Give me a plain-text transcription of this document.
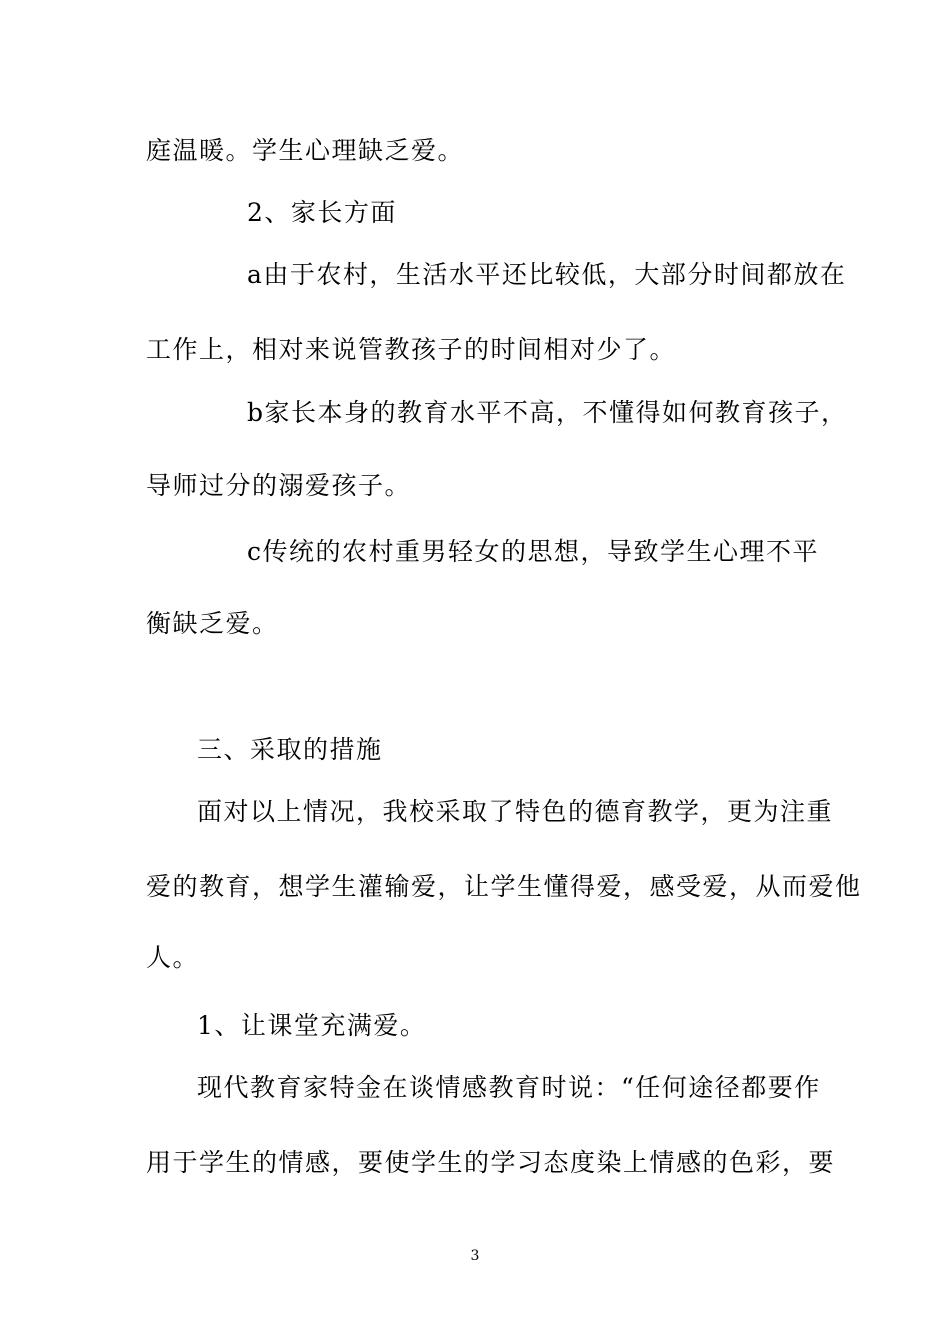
庭温暖。学生心理缺乏爱。
2、家长方面
a由于农村，生活水平还比较低，大部分时间都放在
工作上，相对来说管教孩子的时间相对少了。
b家长本身的教育水平不高，不懂得如何教育孩子，
导师过分的溺爱孩子。
c传统的农村重男轻女的思想，导致学生心理不平
衡缺乏爱。
三、采取的措施
面对以上情况，我校采取了特色的德育教学，更为注重
爱的教育，想学生灌输爱，让学生懂得爱，感受爱，从而爱他
人。
1、让课堂充满爱。
现代教育家特金在谈情感教育时说：“任何途径都要作
用于学生的情感，要使学生的学习态度染上情感的色彩，要
3
